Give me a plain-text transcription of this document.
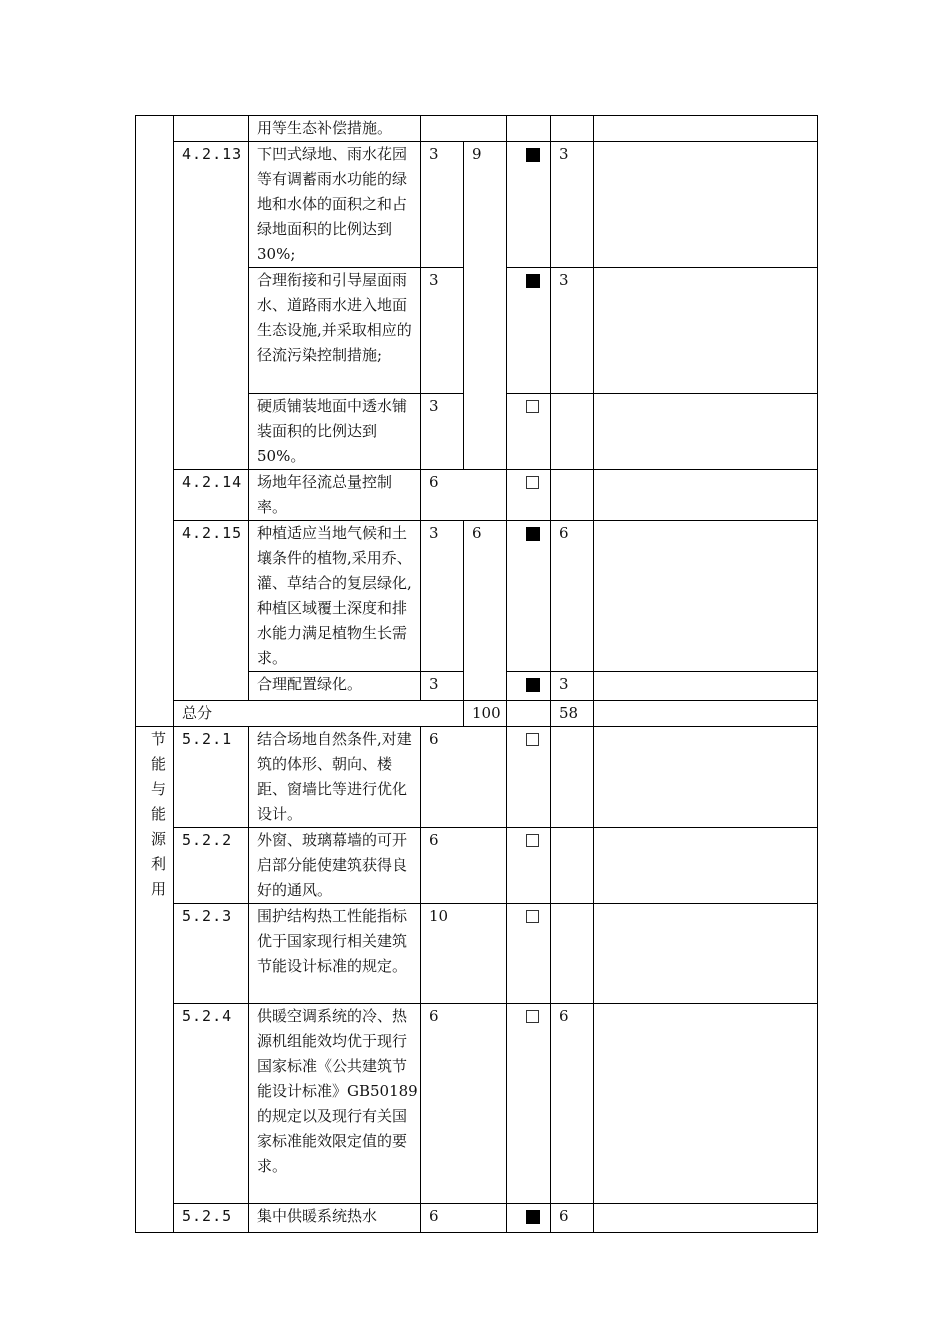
		用等生态补偿措施。					
	4.2.13	下凹式绿地、雨水花园等有调蓄雨水功能的绿地和水体的面积之和占绿地面积的比例达到 30%;	3	9		3	
		合理衔接和引导屋面雨水、道路雨水进入地面生态设施,并采取相应的径流污染控制措施;	3			3	
		硬质铺装地面中透水铺装面积的比例达到 50%。	3				
	4.2.14	场地年径流总量控制率。	6				
	4.2.15	种植适应当地气候和土壤条件的植物,采用乔、灌、草结合的复层绿化,种植区域覆土深度和排水能力满足植物生长需求。	3	6		6	
		合理配置绿化。	3			3	
	总分			100		58	

节能与能源利用	5.2.1	结合场地自然条件,对建筑的体形、朝向、楼距、窗墙比等进行优化设计。	6				
	5.2.2	外窗、玻璃幕墙的可开启部分能使建筑获得良好的通风。	6				
	5.2.3	围护结构热工性能指标优于国家现行相关建筑节能设计标准的规定。	10				
	5.2.4	供暖空调系统的冷、热源机组能效均优于现行国家标准《公共建筑节能设计标准》GB50189 的规定以及现行有关国家标准能效限定值的要求。	6			6	
	5.2.5	集中供暖系统热水	6			6	
